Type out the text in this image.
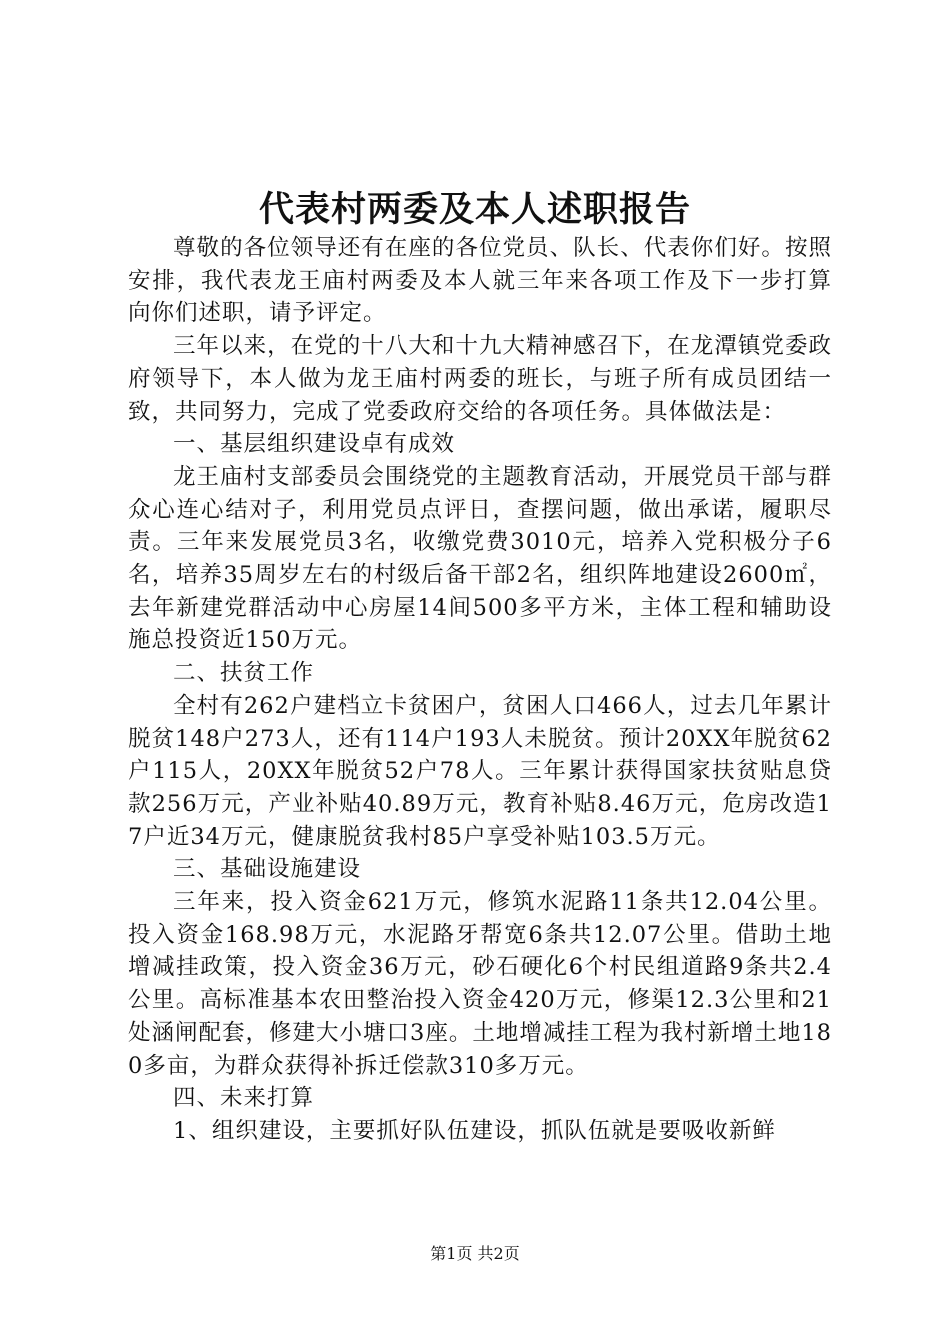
代表村两委及本人述职报告

尊敬的各位领导还有在座的各位党员、队长、代表你们好。按照安排，我代表龙王庙村两委及本人就三年来各项工作及下一步打算向你们述职，请予评定。

三年以来，在党的十八大和十九大精神感召下，在龙潭镇党委政府领导下，本人做为龙王庙村两委的班长，与班子所有成员团结一致，共同努力，完成了党委政府交给的各项任务。具体做法是：

一、基层组织建设卓有成效

龙王庙村支部委员会围绕党的主题教育活动，开展党员干部与群众心连心结对子，利用党员点评日，查摆问题，做出承诺，履职尽责。三年来发展党员3名，收缴党费3010元，培养入党积极分子6名，培养35周岁左右的村级后备干部2名，组织阵地建设2600㎡，去年新建党群活动中心房屋14间500多平方米，主体工程和辅助设施总投资近150万元。

二、扶贫工作

全村有262户建档立卡贫困户，贫困人口466人，过去几年累计脱贫148户273人，还有114户193人未脱贫。预计20XX年脱贫62户115人，20XX年脱贫52户78人。三年累计获得国家扶贫贴息贷款256万元，产业补贴40.89万元，教育补贴8.46万元，危房改造17户近34万元，健康脱贫我村85户享受补贴103.5万元。

三、基础设施建设

三年来，投入资金621万元，修筑水泥路11条共12.04公里。投入资金168.98万元，水泥路牙帮宽6条共12.07公里。借助土地增减挂政策，投入资金36万元，砂石硬化6个村民组道路9条共2.4公里。高标准基本农田整治投入资金420万元，修渠12.3公里和21处涵闸配套，修建大小塘口3座。土地增减挂工程为我村新增土地180多亩，为群众获得补拆迁偿款310多万元。

四、未来打算

1、组织建设，主要抓好队伍建设，抓队伍就是要吸收新鲜

第1页 共2页
